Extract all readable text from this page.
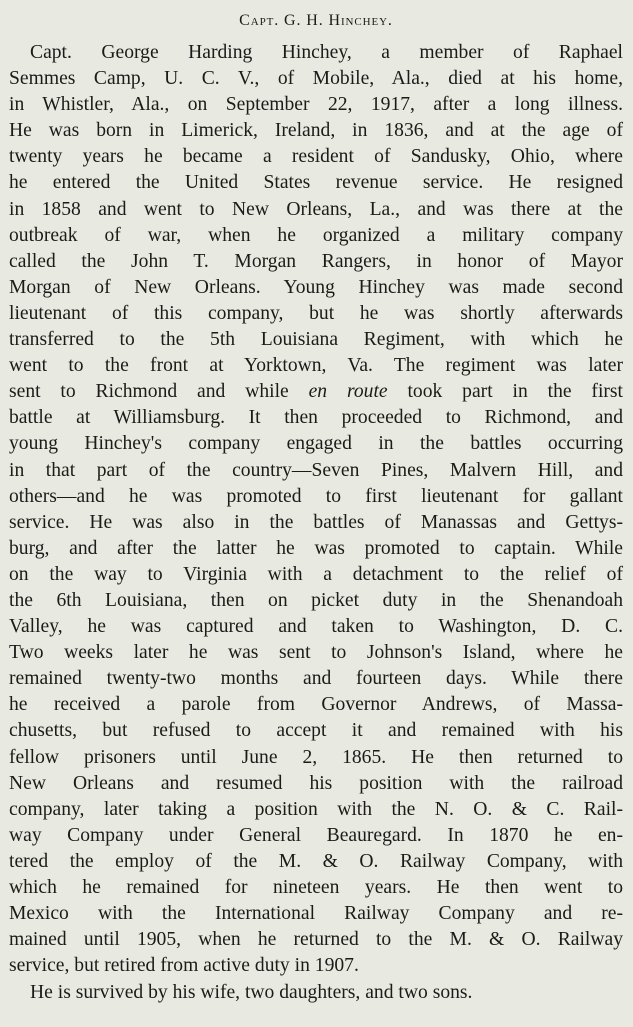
Capt. G. H. Hinchey.
Capt. George Harding Hinchey, a member of Raphael
Semmes Camp, U. C. V., of Mobile, Ala., died at his home,
in Whistler, Ala., on September 22, 1917, after a long illness.
He was born in Limerick, Ireland, in 1836, and at the age of
twenty years he became a resident of Sandusky, Ohio, where
he entered the United States revenue service. He resigned
in 1858 and went to New Orleans, La., and was there at the
outbreak of war, when he organized a military company
called the John T. Morgan Rangers, in honor of Mayor
Morgan of New Orleans. Young Hinchey was made second
lieutenant of this company, but he was shortly afterwards
transferred to the 5th Louisiana Regiment, with which he
went to the front at Yorktown, Va. The regiment was later
sent to Richmond and while en route took part in the first
battle at Williamsburg. It then proceeded to Richmond, and
young Hinchey's company engaged in the battles occurring
in that part of the country—Seven Pines, Malvern Hill, and
others—and he was promoted to first lieutenant for gallant
service. He was also in the battles of Manassas and Gettys-
burg, and after the latter he was promoted to captain. While
on the way to Virginia with a detachment to the relief of
the 6th Louisiana, then on picket duty in the Shenandoah
Valley, he was captured and taken to Washington, D. C.
Two weeks later he was sent to Johnson's Island, where he
remained twenty-two months and fourteen days. While there
he received a parole from Governor Andrews, of Massa-
chusetts, but refused to accept it and remained with his
fellow prisoners until June 2, 1865. He then returned to
New Orleans and resumed his position with the railroad
company, later taking a position with the N. O. & C. Rail-
way Company under General Beauregard. In 1870 he en-
tered the employ of the M. & O. Railway Company, with
which he remained for nineteen years. He then went to
Mexico with the International Railway Company and re-
mained until 1905, when he returned to the M. & O. Railway
service, but retired from active duty in 1907.
He is survived by his wife, two daughters, and two sons.
